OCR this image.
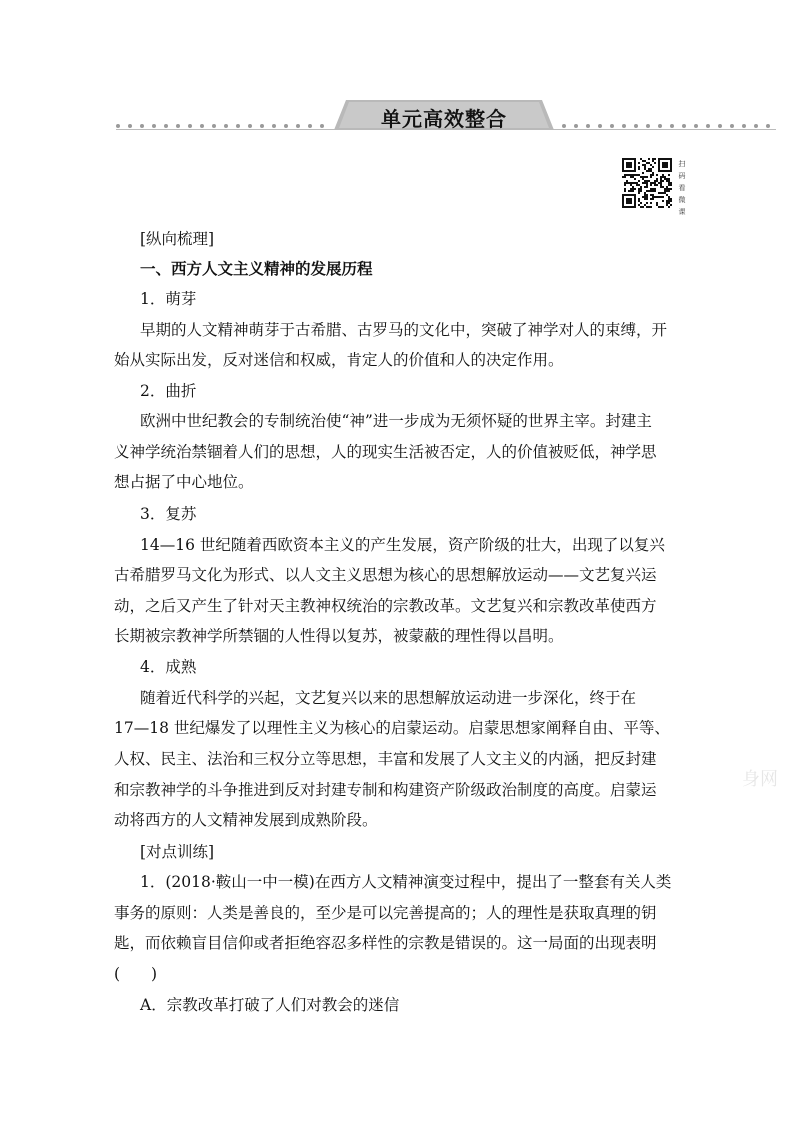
单元高效整合
扫
码
看
微
课
[纵向梳理]
一、西方人文主义精神的发展历程
1．萌芽
早期的人文精神萌芽于古希腊、古罗马的文化中，突破了神学对人的束缚，开
始从实际出发，反对迷信和权威，肯定人的价值和人的决定作用。
2．曲折
欧洲中世纪教会的专制统治使“神”进一步成为无须怀疑的世界主宰。封建主
义神学统治禁锢着人们的思想，人的现实生活被否定，人的价值被贬低，神学思
想占据了中心地位。
3．复苏
14—16 世纪随着西欧资本主义的产生发展，资产阶级的壮大，出现了以复兴
古希腊罗马文化为形式、以人文主义思想为核心的思想解放运动——文艺复兴运
动，之后又产生了针对天主教神权统治的宗教改革。文艺复兴和宗教改革使西方
长期被宗教神学所禁锢的人性得以复苏，被蒙蔽的理性得以昌明。
4．成熟
随着近代科学的兴起，文艺复兴以来的思想解放运动进一步深化，终于在
17—18 世纪爆发了以理性主义为核心的启蒙运动。启蒙思想家阐释自由、平等、
人权、民主、法治和三权分立等思想，丰富和发展了人文主义的内涵，把反封建
和宗教神学的斗争推进到反对封建专制和构建资产阶级政治制度的高度。启蒙运
动将西方的人文精神发展到成熟阶段。
[对点训练]
1．(2018·鞍山一中一模)在西方人文精神演变过程中，提出了一整套有关人类
事务的原则：人类是善良的，至少是可以完善提高的；人的理性是获取真理的钥
匙，而依赖盲目信仰或者拒绝容忍多样性的宗教是错误的。这一局面的出现表明
(　　)
A．宗教改革打破了人们对教会的迷信
身网
